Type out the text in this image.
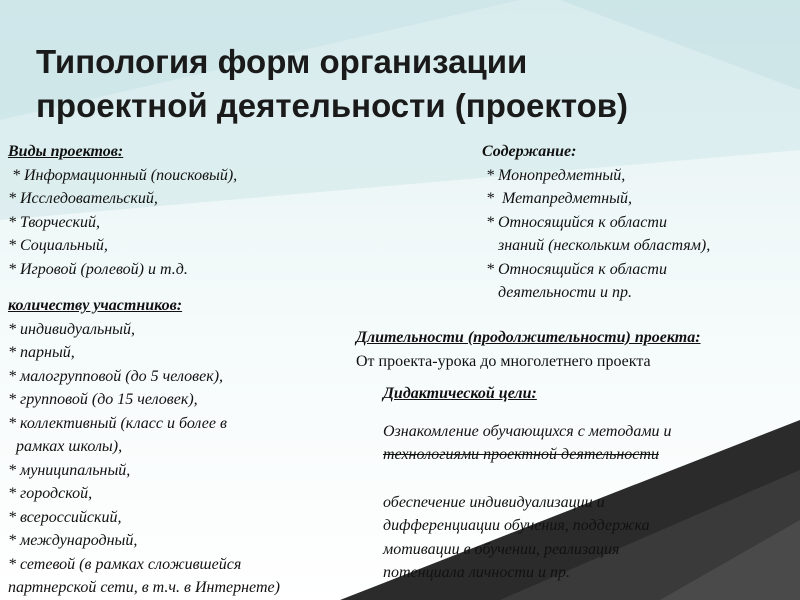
Типология форм организации
проектной деятельности (проектов)
Виды проектов:
* Информационный (поисковый),
* Исследовательский,
* Творческий,
* Социальный,
* Игровой (ролевой) и т.д.
количеству участников:
* индивидуальный,
* парный,
* малогрупповой (до 5 человек),
* групповой (до 15 человек),
* коллективный (класс и более в
рамках школы),
* муниципальный,
* городской,
* всероссийский,
* международный,
* сетевой (в рамках сложившейся
партнерской сети, в т.ч. в Интернете)
Содержание:
* Монопредметный,
*  Метапредметный,
* Относящийся к области
знаний (нескольким областям),
* Относящийся к области
деятельности и пр.
Длительности (продолжительности) проекта:
От проекта-урока до многолетнего проекта
Дидактической цели:
Ознакомление обучающихся с методами и
технологиями проектной деятельности
обеспечение индивидуализации и
дифференциации обучения, поддержка
мотивации в обучении, реализация
потенциала личности и пр.
